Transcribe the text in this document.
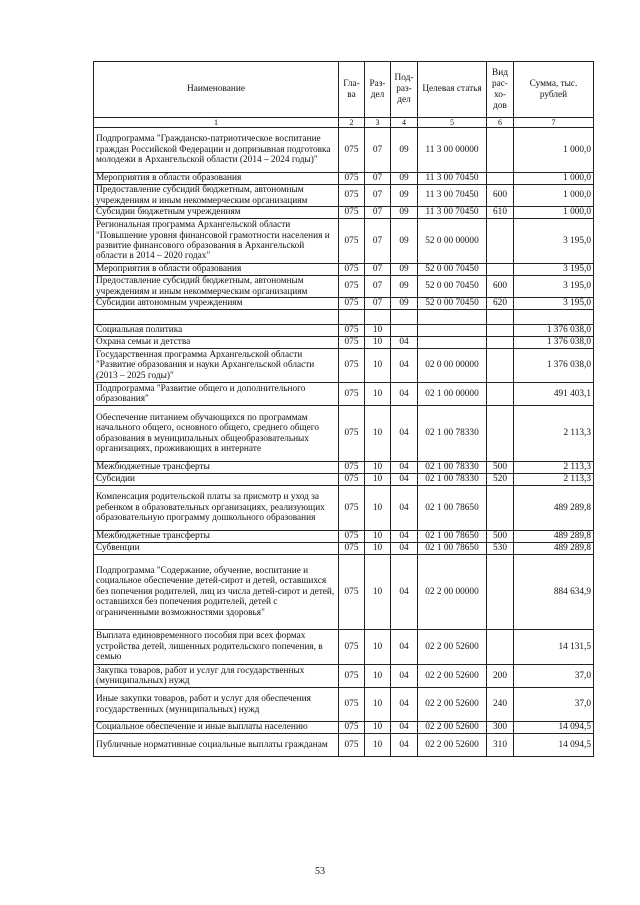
Наименование	Гла-ва	Раз-дел	Под-раз-дел	Целевая статья	Вид рас-хо-дов	Сумма, тыс. рублей
1	2	3	4	5	6	7
Подпрограмма "Гражданско-патриотическое воспитание граждан Российской Федерации и допризывная подготовка молодежи в Архангельской области (2014 – 2024 годы)"	075	07	09	11 3 00 00000		1 000,0
Мероприятия в области образования	075	07	09	11 3 00 70450		1 000,0
Предоставление субсидий бюджетным, автономным учреждениям и иным некоммерческим организациям	075	07	09	11 3 00 70450	600	1 000,0
Субсидии бюджетным учреждениям	075	07	09	11 3 00 70450	610	1 000,0
Региональная программа Архангельской области "Повышение уровня финансовой грамотности населения и развитие финансового образования в Архангельской области в 2014 – 2020 годах"	075	07	09	52 0 00 00000		3 195,0
Мероприятия в области образования	075	07	09	52 0 00 70450		3 195,0
Предоставление субсидий бюджетным, автономным учреждениям и иным некоммерческим организациям	075	07	09	52 0 00 70450	600	3 195,0
Субсидии автономным учреждениям	075	07	09	52 0 00 70450	620	3 195,0

Социальная политика	075	10				1 376 038,0
Охрана семьи и детства	075	10	04			1 376 038,0
Государственная программа Архангельской области "Развитие образования и науки Архангельской области (2013 – 2025 годы)"	075	10	04	02 0 00 00000		1 376 038,0
Подпрограмма "Развитие общего и дополнительного образования"	075	10	04	02 1 00 00000		491 403,1
Обеспечение питанием обучающихся по программам начального общего, основного общего, среднего общего образования в муниципальных общеобразовательных организациях, проживающих в интернате	075	10	04	02 1 00 78330		2 113,3
Межбюджетные трансферты	075	10	04	02 1 00 78330	500	2 113,3
Субсидии	075	10	04	02 1 00 78330	520	2 113,3
Компенсация родительской платы за присмотр и уход за ребенком в образовательных организациях, реализующих образовательную программу дошкольного образования	075	10	04	02 1 00 78650		489 289,8
Межбюджетные трансферты	075	10	04	02 1 00 78650	500	489 289,8
Субвенции	075	10	04	02 1 00 78650	530	489 289,8
Подпрограмма "Содержание, обучение, воспитание и социальное обеспечение детей-сирот и детей, оставшихся без попечения родителей, лиц из числа детей-сирот и детей, оставшихся без попечения родителей, детей с ограниченными возможностями здоровья"	075	10	04	02 2 00 00000		884 634,9
Выплата единовременного пособия при всех формах устройства детей, лишенных родительского попечения, в семью	075	10	04	02 2 00 52600		14 131,5
Закупка товаров, работ и услуг для государственных (муниципальных) нужд	075	10	04	02 2 00 52600	200	37,0
Иные закупки товаров, работ и услуг для обеспечения государственных (муниципальных) нужд	075	10	04	02 2 00 52600	240	37,0
Социальное обеспечение и иные выплаты населению	075	10	04	02 2 00 52600	300	14 094,5
Публичные нормативные социальные выплаты гражданам	075	10	04	02 2 00 52600	310	14 094,5
53
